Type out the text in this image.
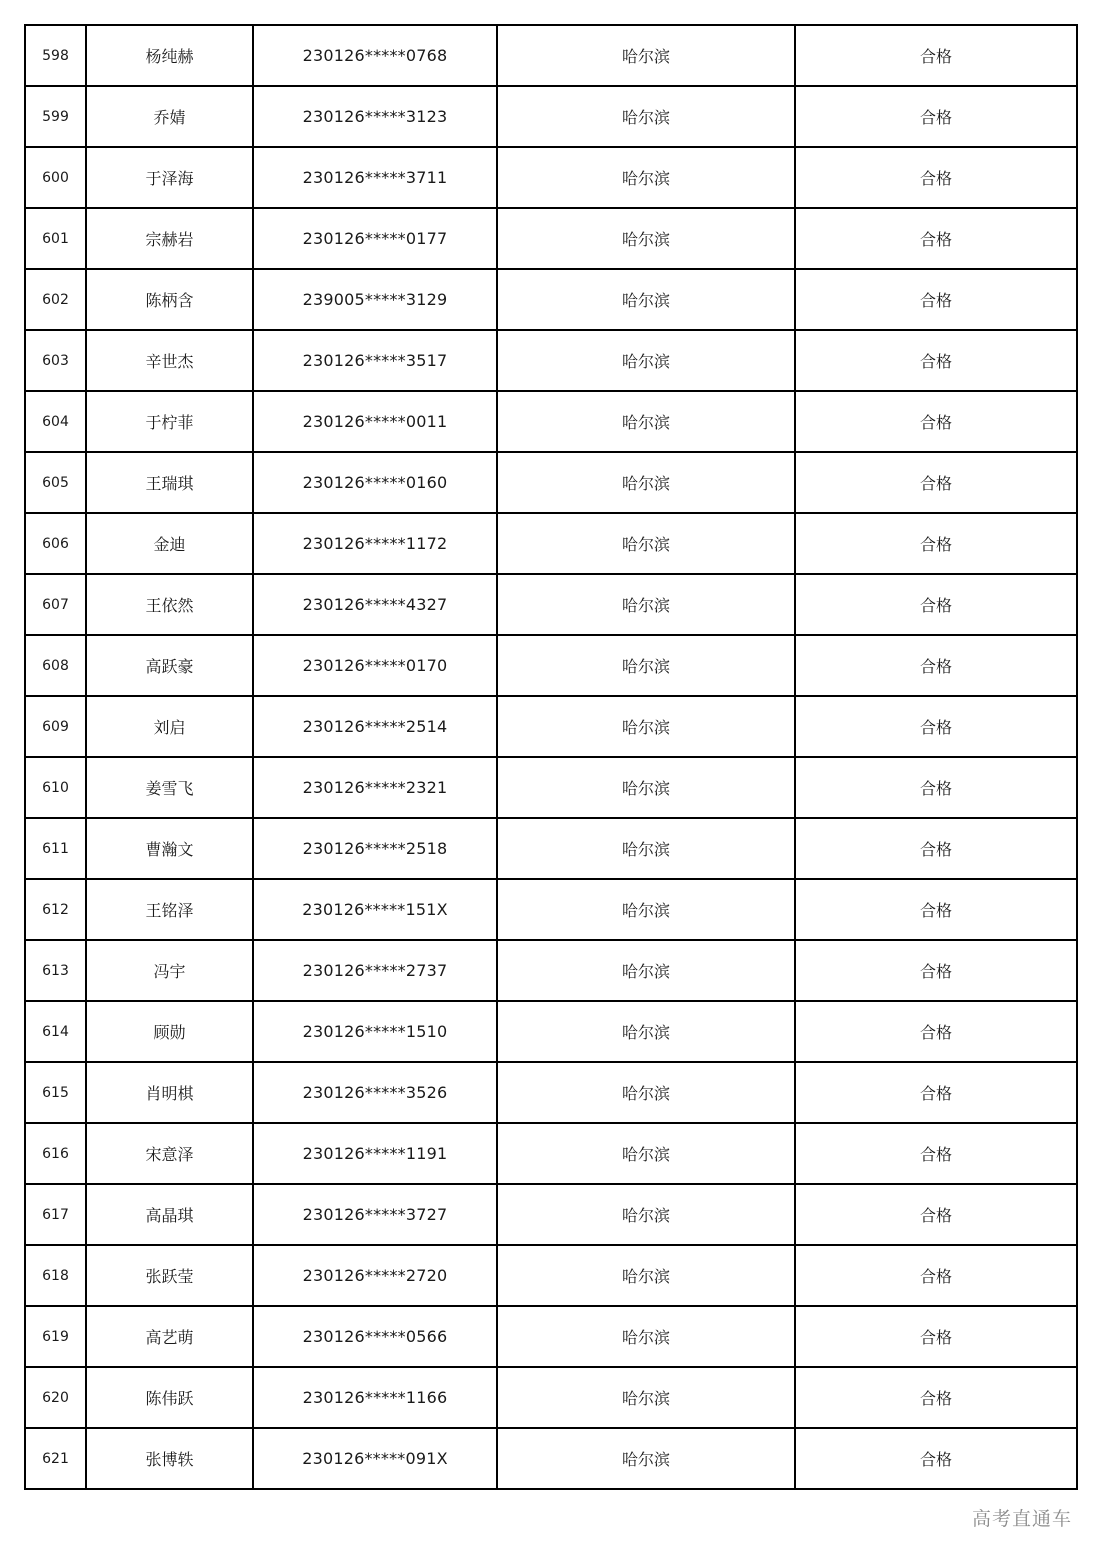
598	杨纯赫	230126*****0768	哈尔滨	合格
599	乔婧	230126*****3123	哈尔滨	合格
600	于泽海	230126*****3711	哈尔滨	合格
601	宗赫岩	230126*****0177	哈尔滨	合格
602	陈柄含	239005*****3129	哈尔滨	合格
603	辛世杰	230126*****3517	哈尔滨	合格
604	于柠菲	230126*****0011	哈尔滨	合格
605	王瑞琪	230126*****0160	哈尔滨	合格
606	金迪	230126*****1172	哈尔滨	合格
607	王依然	230126*****4327	哈尔滨	合格
608	高跃豪	230126*****0170	哈尔滨	合格
609	刘启	230126*****2514	哈尔滨	合格
610	姜雪飞	230126*****2321	哈尔滨	合格
611	曹瀚文	230126*****2518	哈尔滨	合格
612	王铭泽	230126*****151X	哈尔滨	合格
613	冯宇	230126*****2737	哈尔滨	合格
614	顾勋	230126*****1510	哈尔滨	合格
615	肖明棋	230126*****3526	哈尔滨	合格
616	宋意泽	230126*****1191	哈尔滨	合格
617	高晶琪	230126*****3727	哈尔滨	合格
618	张跃莹	230126*****2720	哈尔滨	合格
619	高艺萌	230126*****0566	哈尔滨	合格
620	陈伟跃	230126*****1166	哈尔滨	合格
621	张博轶	230126*****091X	哈尔滨	合格
高考直通车
